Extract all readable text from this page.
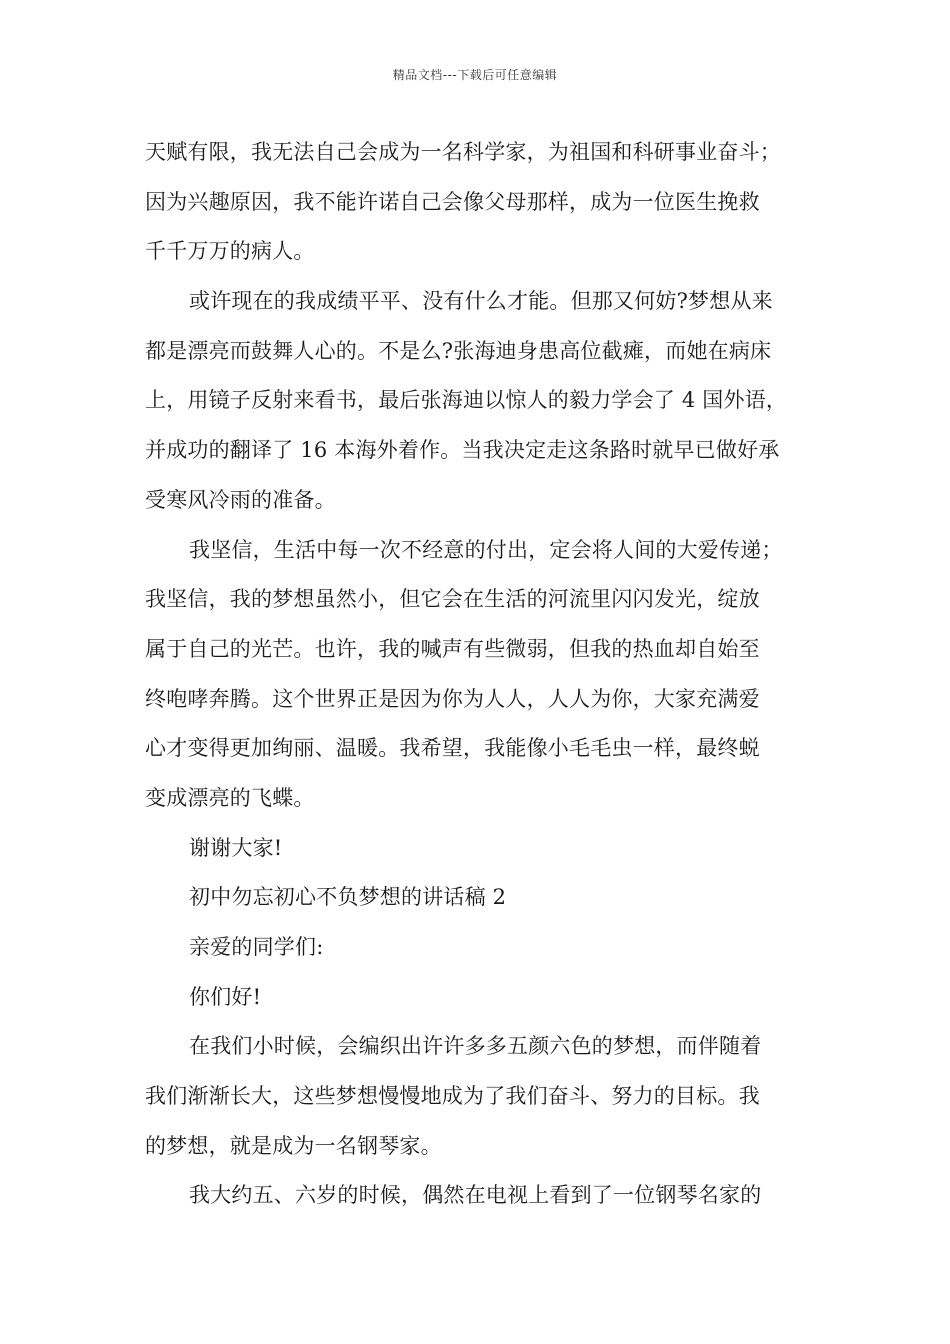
精品文档---下载后可任意编辑
天赋有限，我无法自己会成为一名科学家，为祖国和科研事业奋斗；
因为兴趣原因，我不能许诺自己会像父母那样，成为一位医生挽救
千千万万的病人。
或许现在的我成绩平平、没有什么才能。但那又何妨?梦想从来
都是漂亮而鼓舞人心的。不是么?张海迪身患高位截瘫，而她在病床
上，用镜子反射来看书，最后张海迪以惊人的毅力学会了 4 国外语，
并成功的翻译了 16 本海外着作。当我决定走这条路时就早已做好承
受寒风冷雨的准备。
我坚信，生活中每一次不经意的付出，定会将人间的大爱传递；
我坚信，我的梦想虽然小，但它会在生活的河流里闪闪发光，绽放
属于自己的光芒。也许，我的喊声有些微弱，但我的热血却自始至
终咆哮奔腾。这个世界正是因为你为人人，人人为你，大家充满爱
心才变得更加绚丽、温暖。我希望，我能像小毛毛虫一样，最终蜕
变成漂亮的飞蝶。
谢谢大家!
初中勿忘初心不负梦想的讲话稿 2
亲爱的同学们:
你们好!
在我们小时候，会编织出许许多多五颜六色的梦想，而伴随着
我们渐渐长大，这些梦想慢慢地成为了我们奋斗、努力的目标。我
的梦想，就是成为一名钢琴家。
我大约五、六岁的时候，偶然在电视上看到了一位钢琴名家的
